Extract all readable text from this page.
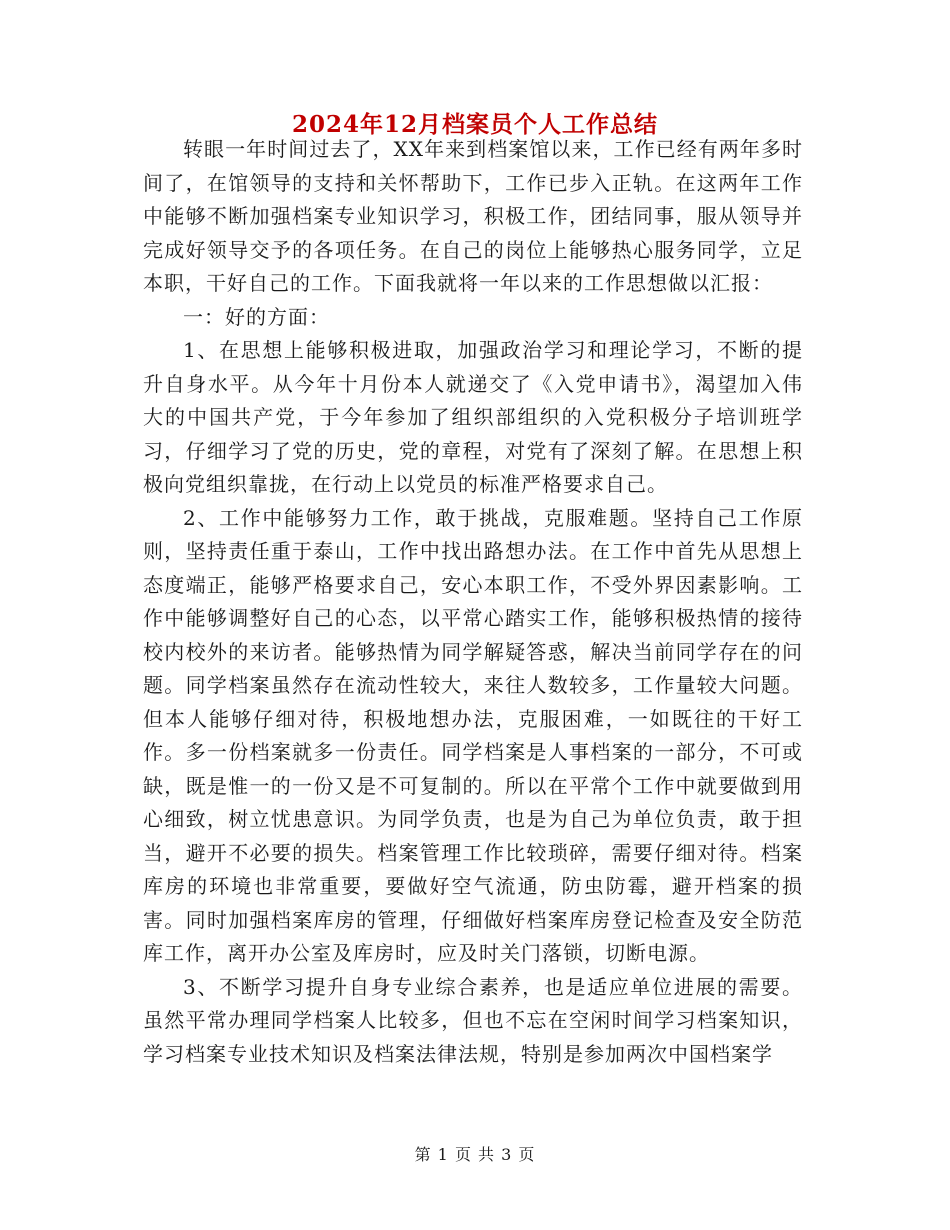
2024年12月档案员个人工作总结

转眼一年时间过去了，XX年来到档案馆以来，工作已经有两年多时间了，在馆领导的支持和关怀帮助下，工作已步入正轨。在这两年工作中能够不断加强档案专业知识学习，积极工作，团结同事，服从领导并完成好领导交予的各项任务。在自己的岗位上能够热心服务同学，立足本职，干好自己的工作。下面我就将一年以来的工作思想做以汇报：

一：好的方面：

1、在思想上能够积极进取，加强政治学习和理论学习，不断的提升自身水平。从今年十月份本人就递交了《入党申请书》，渴望加入伟大的中国共产党，于今年参加了组织部组织的入党积极分子培训班学习，仔细学习了党的历史，党的章程，对党有了深刻了解。在思想上积极向党组织靠拢，在行动上以党员的标准严格要求自己。

2、工作中能够努力工作，敢于挑战，克服难题。坚持自己工作原则，坚持责任重于泰山，工作中找出路想办法。在工作中首先从思想上态度端正，能够严格要求自己，安心本职工作，不受外界因素影响。工作中能够调整好自己的心态，以平常心踏实工作，能够积极热情的接待校内校外的来访者。能够热情为同学解疑答惑，解决当前同学存在的问题。同学档案虽然存在流动性较大，来往人数较多，工作量较大问题。但本人能够仔细对待，积极地想办法，克服困难，一如既往的干好工作。多一份档案就多一份责任。同学档案是人事档案的一部分，不可或缺，既是惟一的一份又是不可复制的。所以在平常个工作中就要做到用心细致，树立忧患意识。为同学负责，也是为自己为单位负责，敢于担当，避开不必要的损失。档案管理工作比较琐碎，需要仔细对待。档案库房的环境也非常重要，要做好空气流通，防虫防霉，避开档案的损害。同时加强档案库房的管理，仔细做好档案库房登记检查及安全防范库工作，离开办公室及库房时，应及时关门落锁，切断电源。

3、不断学习提升自身专业综合素养，也是适应单位进展的需要。虽然平常办理同学档案人比较多，但也不忘在空闲时间学习档案知识，学习档案专业技术知识及档案法律法规，特别是参加两次中国档案学

第 1 页 共 3 页
